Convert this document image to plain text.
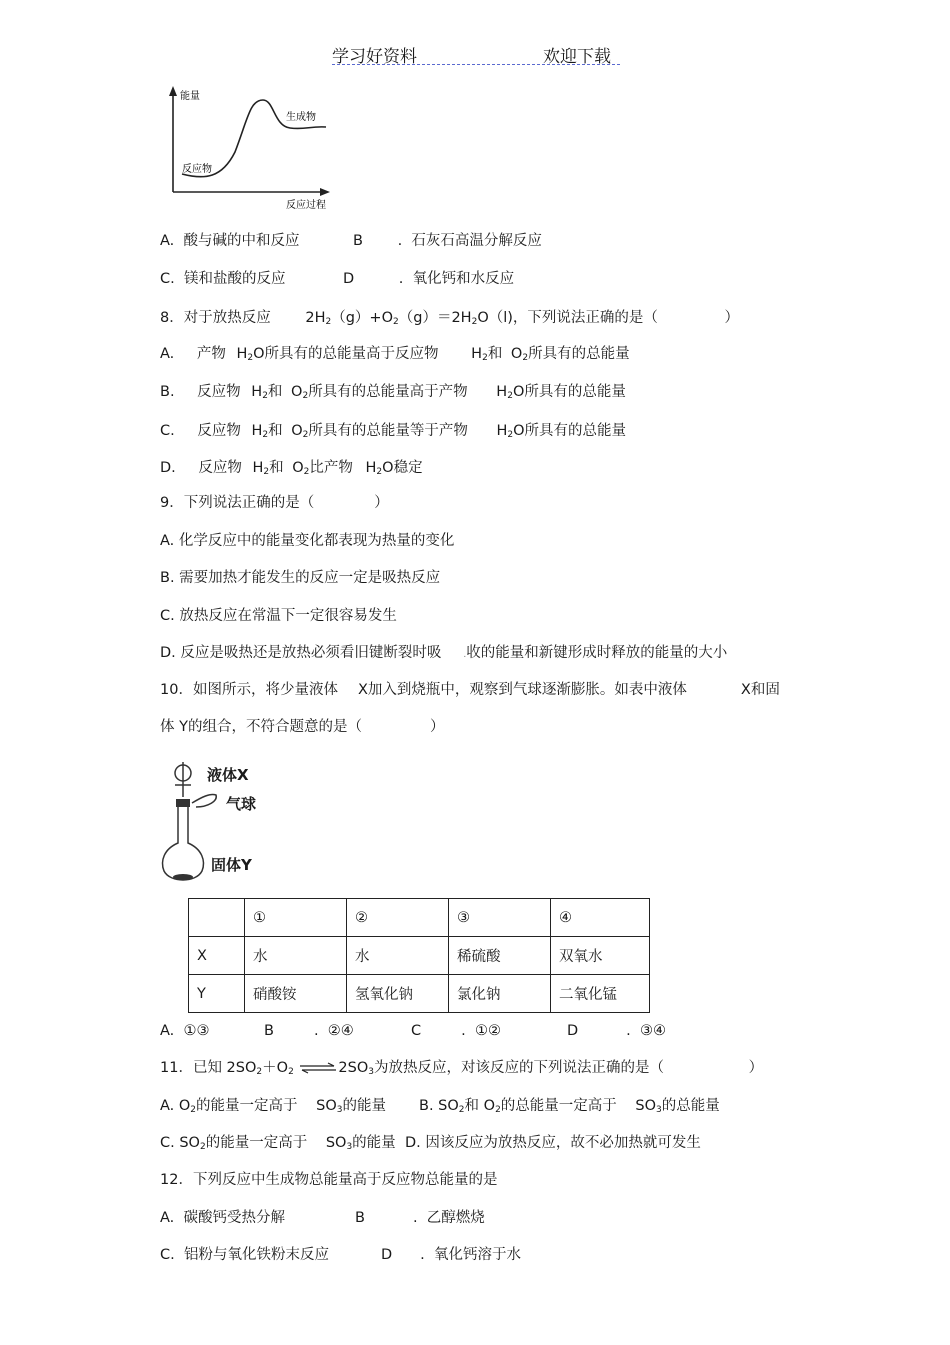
学习好资料	欢迎下载
能量
反应物
生成物
反应过程
A. 酸与碱的中和反应	B . 石灰石高温分解反应
C. 镁和盐酸的反应	D	. 氧化钙和水反应
8．对于放热反应 $2H_2(g)+O_2(g)=2H_2O(l)$，下列说法正确的是（	）
A. 产物 $H_2O$所具有的总能量高于反应物 $H_2$和 $O_2$所具有的总能量
B. 反应物 $H_2$和 $O_2$所具有的总能量高于产物 $H_2O$所具有的总能量
C. 反应物 $H_2$和 $O_2$所具有的总能量等于产物 $H_2O$所具有的总能量
D. 反应物 $H_2$和 $O_2$比产物 $H_2O$稳定
9．下列说法正确的是（	）
A. 化学反应中的能量变化都表现为热量的变化
B. 需要加热才能发生的反应一定是吸热反应
C. 放热反应在常温下一定很容易发生
D. 反应是吸热还是放热必须看旧键断裂时吸 .收的能量和新键形成时释放的能量的大小
10．如图所示，将少量液体 X加入到烧瓶中，观察到气球逐渐膨胀。如表中液体	X和固
体 Y的组合，不符合题意的是（	）
液体X
气球
固体Y
	①	②	③	④
X	水	水	稀硫酸	双氧水
Y	硝酸铵	氢氧化钠	氯化钠	二氧化锰
A. ①③	B	. ②④	C	. ①②	D	. ③④
11．已知 $2SO_2+O_2$ $\rightleftharpoons 2SO_3$为放热反应，对该反应的下列说法正确的是（	）
A. $O_2$的能量一定高于 $SO_3$的能量 B. $SO_2$和 $O_2$的总能量一定高于 $SO_3$的总能量
C. $SO_2$的能量一定高于 $SO_3$的能量 D. 因该反应为放热反应，故不必加热就可发生
12．下列反应中生成物总能量高于反应物总能量的是
A. 碳酸钙受热分解	B	. 乙醇燃烧
C. 铝粉与氧化铁粉末反应	D . 氧化钙溶于水
